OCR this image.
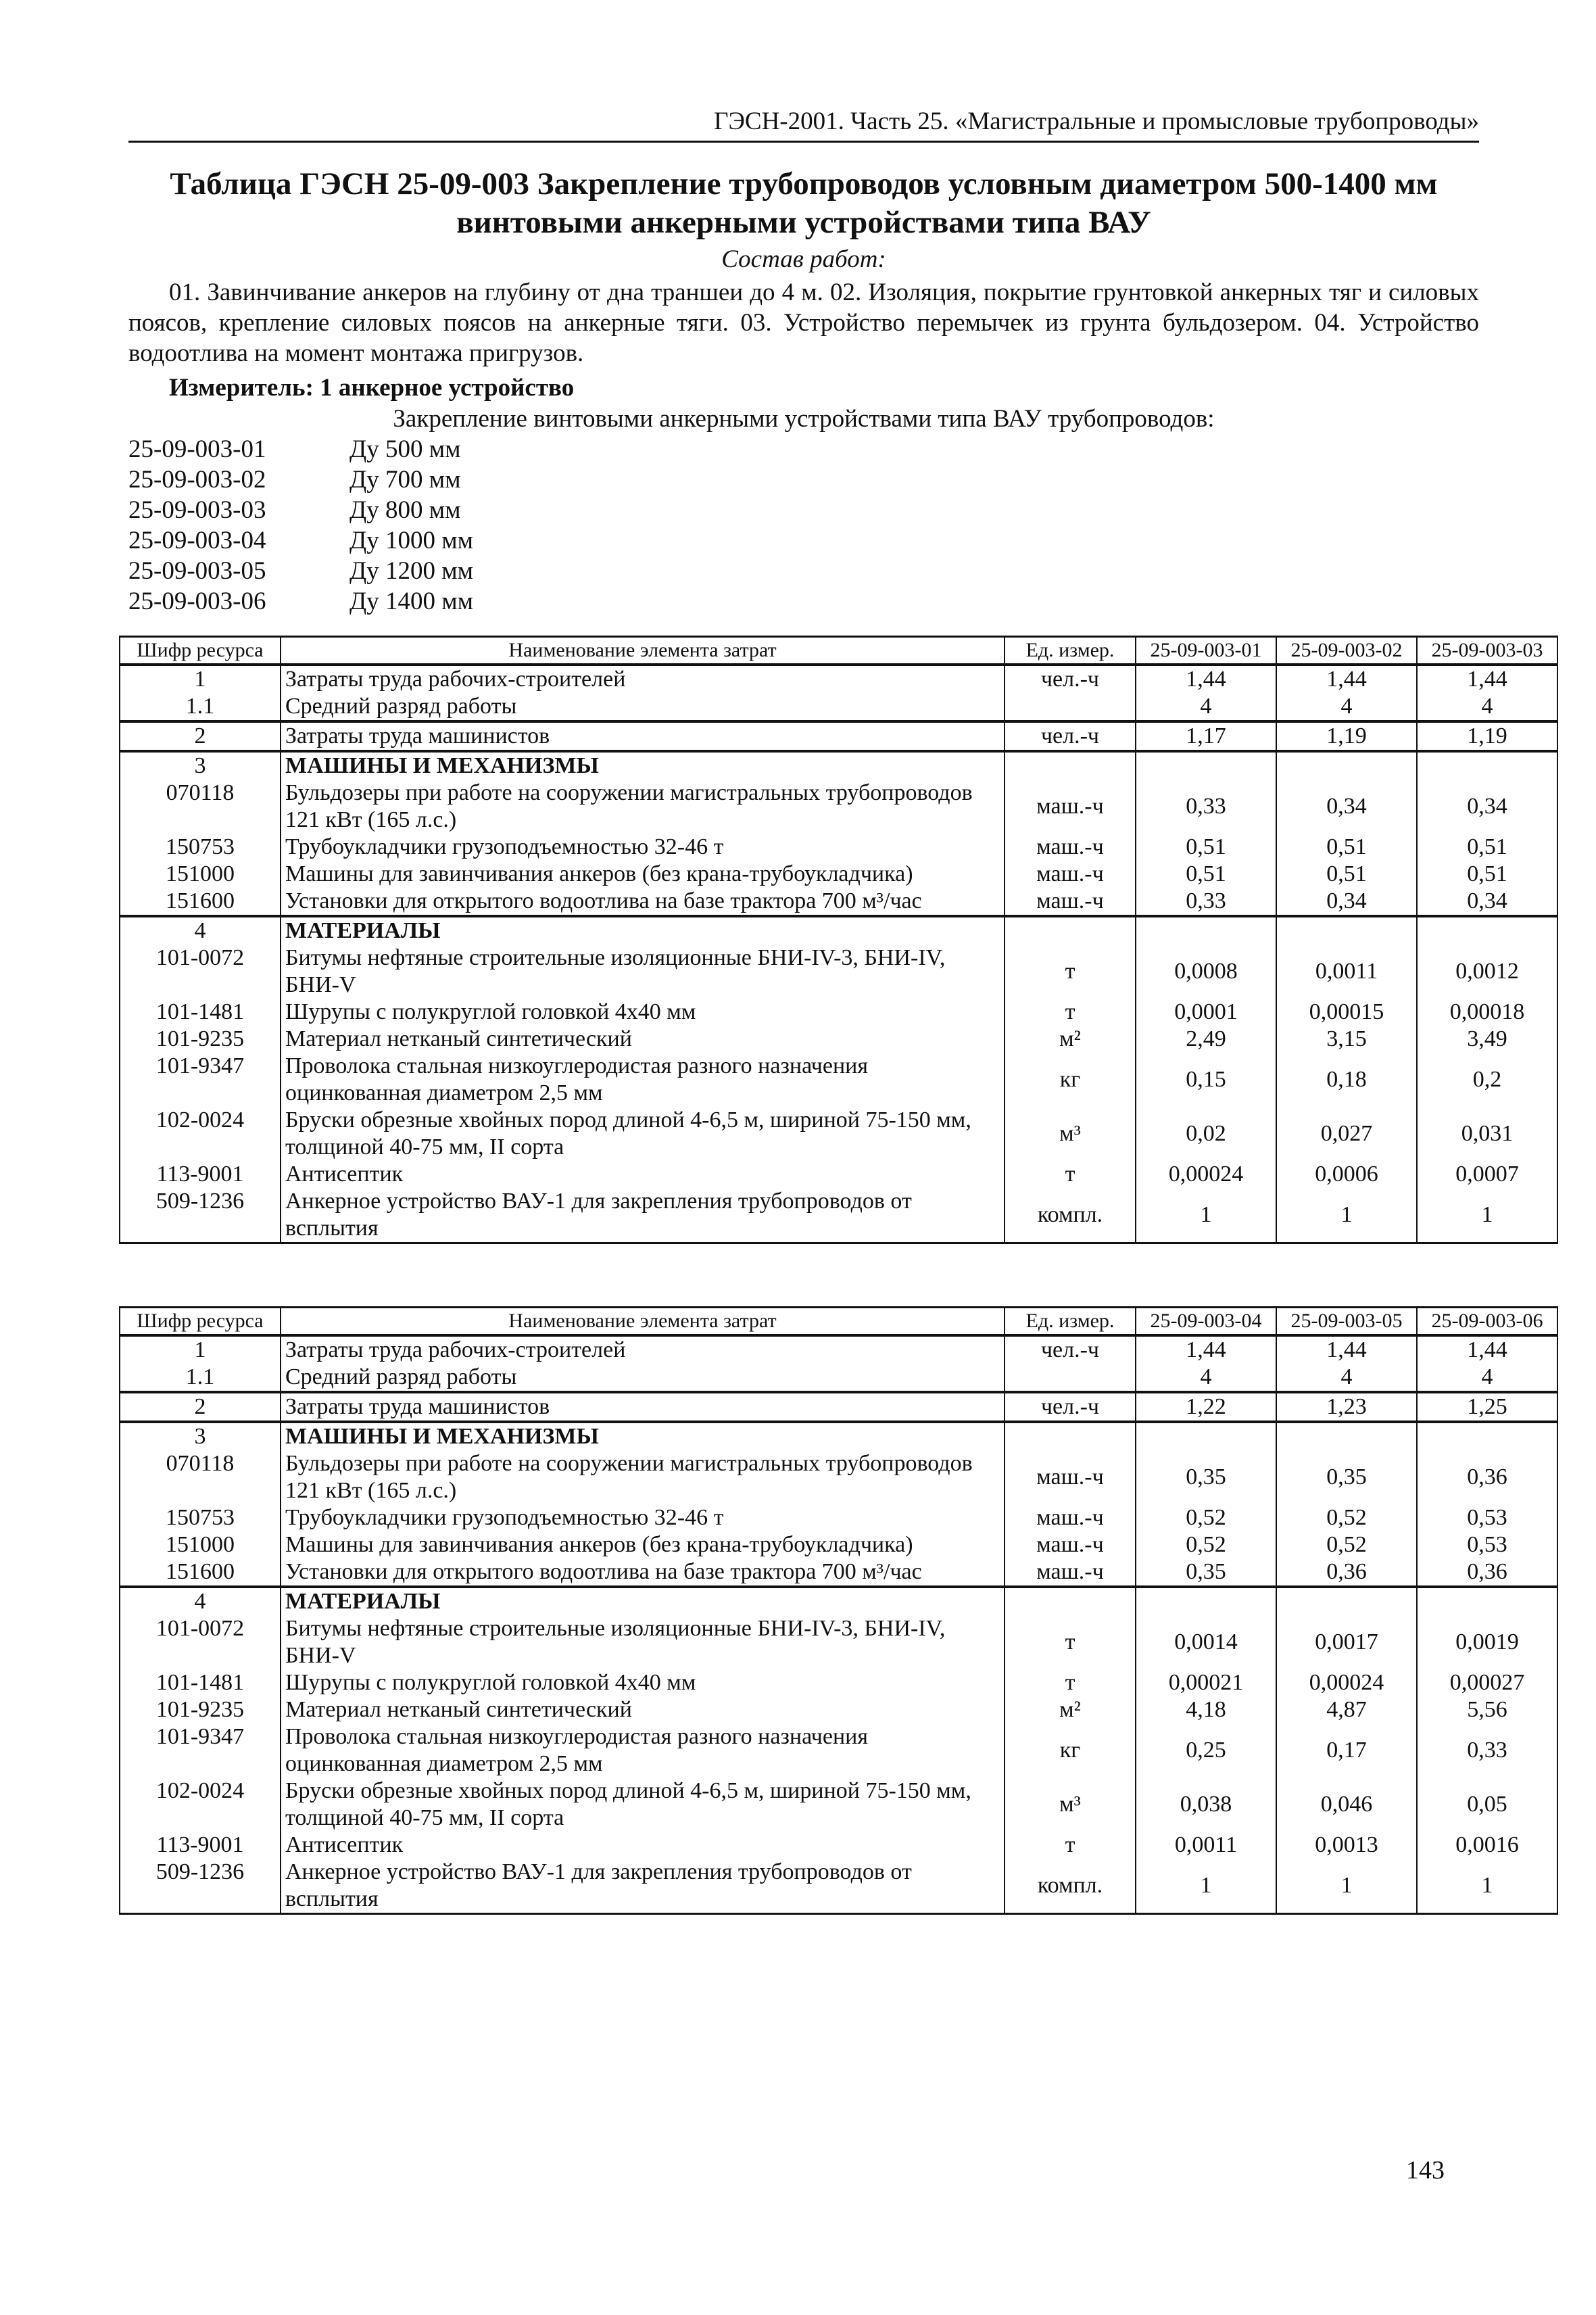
ГЭСН-2001. Часть 25. «Магистральные и промысловые трубопроводы»
Таблица ГЭСН 25-09-003 Закрепление трубопроводов условным диаметром 500-1400 мм
винтовыми анкерными устройствами типа ВАУ
Состав работ:
01. Завинчивание анкеров на глубину от дна траншеи до 4 м. 02. Изоляция, покрытие грунтовкой анкерных тяг и силовых поясов, крепление силовых поясов на анкерные тяги. 03. Устройство перемычек из грунта бульдозером. 04. Устройство водоотлива на момент монтажа пригрузов.
Измеритель: 1 анкерное устройство
Закрепление винтовыми анкерными устройствами типа ВАУ трубопроводов:
25-09-003-01	Ду 500 мм
25-09-003-02	Ду 700 мм
25-09-003-03	Ду 800 мм
25-09-003-04	Ду 1000 мм
25-09-003-05	Ду 1200 мм
25-09-003-06	Ду 1400 мм
Шифр ресурса	Наименование элемента затрат	Ед. измер.	25-09-003-01	25-09-003-02	25-09-003-03
1	Затраты труда рабочих-строителей	чел.-ч	1,44	1,44	1,44
1.1	Средний разряд работы		4	4	4
2	Затраты труда машинистов	чел.-ч	1,17	1,19	1,19
3	МАШИНЫ И МЕХАНИЗМЫ				
070118	Бульдозеры при работе на сооружении магистральных трубопроводов 121 кВт (165 л.с.)	маш.-ч	0,33	0,34	0,34
150753	Трубоукладчики грузоподъемностью 32-46 т	маш.-ч	0,51	0,51	0,51
151000	Машины для завинчивания анкеров (без крана-трубоукладчика)	маш.-ч	0,51	0,51	0,51
151600	Установки для открытого водоотлива на базе трактора 700 м³/час	маш.-ч	0,33	0,34	0,34
4	МАТЕРИАЛЫ				
101-0072	Битумы нефтяные строительные изоляционные БНИ-IV-3, БНИ-IV, БНИ-V	т	0,0008	0,0011	0,0012
101-1481	Шурупы с полукруглой головкой 4х40 мм	т	0,0001	0,00015	0,00018
101-9235	Материал нетканый синтетический	м²	2,49	3,15	3,49
101-9347	Проволока стальная низкоуглеродистая разного назначения оцинкованная диаметром 2,5 мм	кг	0,15	0,18	0,2
102-0024	Бруски обрезные хвойных пород длиной 4-6,5 м, шириной 75-150 мм, толщиной 40-75 мм, II сорта	м³	0,02	0,027	0,031
113-9001	Антисептик	т	0,00024	0,0006	0,0007
509-1236	Анкерное устройство ВАУ-1 для закрепления трубопроводов от всплытия	компл.	1	1	1
Шифр ресурса	Наименование элемента затрат	Ед. измер.	25-09-003-04	25-09-003-05	25-09-003-06
1	Затраты труда рабочих-строителей	чел.-ч	1,44	1,44	1,44
1.1	Средний разряд работы		4	4	4
2	Затраты труда машинистов	чел.-ч	1,22	1,23	1,25
3	МАШИНЫ И МЕХАНИЗМЫ				
070118	Бульдозеры при работе на сооружении магистральных трубопроводов 121 кВт (165 л.с.)	маш.-ч	0,35	0,35	0,36
150753	Трубоукладчики грузоподъемностью 32-46 т	маш.-ч	0,52	0,52	0,53
151000	Машины для завинчивания анкеров (без крана-трубоукладчика)	маш.-ч	0,52	0,52	0,53
151600	Установки для открытого водоотлива на базе трактора 700 м³/час	маш.-ч	0,35	0,36	0,36
4	МАТЕРИАЛЫ				
101-0072	Битумы нефтяные строительные изоляционные БНИ-IV-3, БНИ-IV, БНИ-V	т	0,0014	0,0017	0,0019
101-1481	Шурупы с полукруглой головкой 4х40 мм	т	0,00021	0,00024	0,00027
101-9235	Материал нетканый синтетический	м²	4,18	4,87	5,56
101-9347	Проволока стальная низкоуглеродистая разного назначения оцинкованная диаметром 2,5 мм	кг	0,25	0,17	0,33
102-0024	Бруски обрезные хвойных пород длиной 4-6,5 м, шириной 75-150 мм, толщиной 40-75 мм, II сорта	м³	0,038	0,046	0,05
113-9001	Антисептик	т	0,0011	0,0013	0,0016
509-1236	Анкерное устройство ВАУ-1 для закрепления трубопроводов от всплытия	компл.	1	1	1
143
